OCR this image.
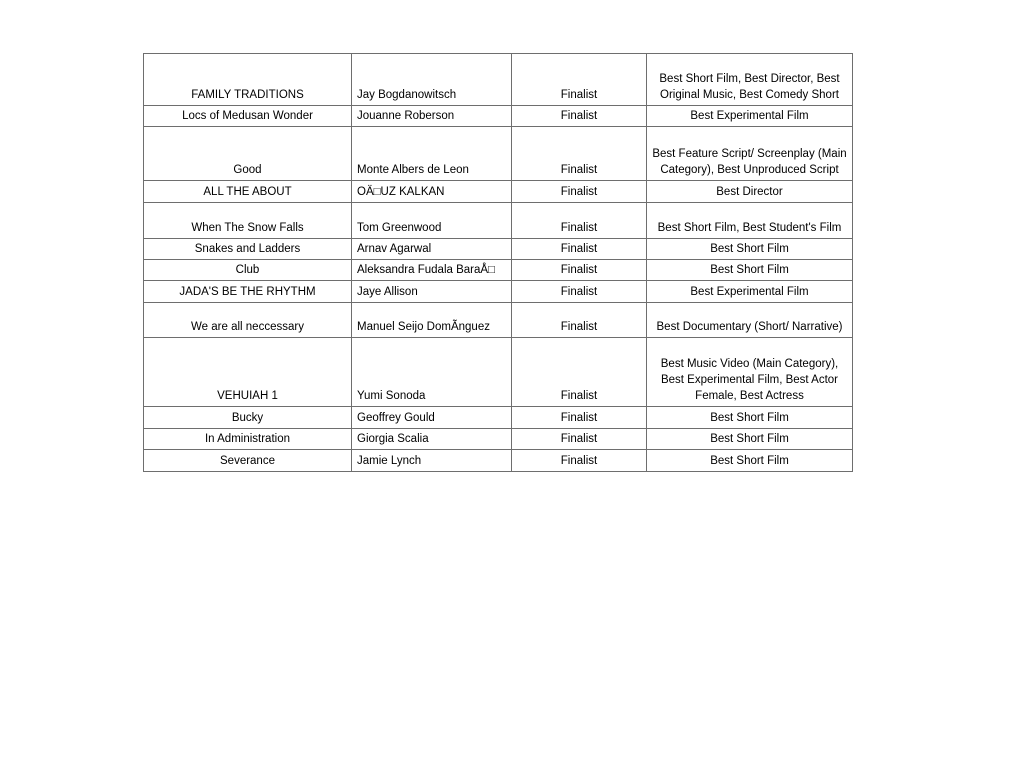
FAMILY TRADITIONS	Jay Bogdanowitsch	Finalist	Best Short Film, Best Director, Best Original Music, Best Comedy Short
Locs of Medusan Wonder	Jouanne Roberson	Finalist	Best Experimental Film
Good	Monte Albers de Leon	Finalist	Best Feature Script/ Screenplay (Main Category), Best Unproduced Script
ALL THE ABOUT	OÄ□UZ KALKAN	Finalist	Best Director
When The Snow Falls	Tom Greenwood	Finalist	Best Short Film, Best Student's Film
Snakes and Ladders	Arnav Agarwal	Finalist	Best Short Film
Club	Aleksandra Fudala BaraÅ□	Finalist	Best Short Film
JADA'S BE THE RHYTHM	Jaye Allison	Finalist	Best Experimental Film
We are all neccessary	Manuel Seijo DomÃnguez	Finalist	Best Documentary (Short/ Narrative)
VEHUIAH 1	Yumi Sonoda	Finalist	Best Music Video (Main Category), Best Experimental Film, Best Actor Female, Best Actress
Bucky	Geoffrey Gould	Finalist	Best Short Film
In Administration	Giorgia Scalia	Finalist	Best Short Film
Severance	Jamie Lynch	Finalist	Best Short Film
